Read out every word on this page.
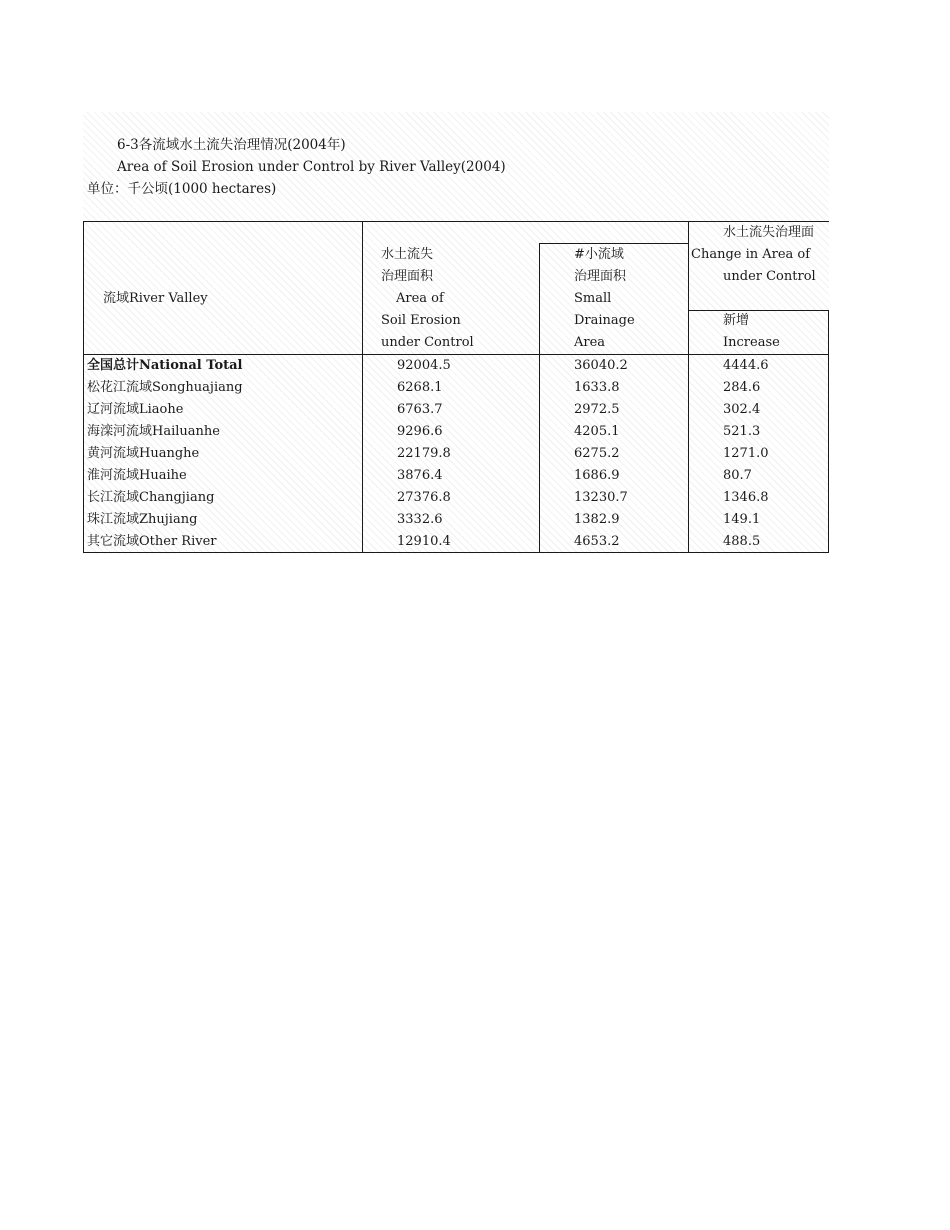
6-3各流域水土流失治理情况(2004年)
Area of Soil Erosion under Control by River Valley(2004)
单位：千公顷(1000 hectares)
流域River Valley
水土流失
治理面积
Area of
Soil Erosion
under Control
#小流域
治理面积
Small
Drainage
Area
水土流失治理面
Change in Area of
under Control
新增
Increase
全国总计National Total	92004.5	36040.2	4444.6
松花江流域Songhuajiang	6268.1	1633.8	284.6
辽河流域Liaohe	6763.7	2972.5	302.4
海滦河流域Hailuanhe	9296.6	4205.1	521.3
黄河流域Huanghe	22179.8	6275.2	1271.0
淮河流域Huaihe	3876.4	1686.9	80.7
长江流域Changjiang	27376.8	13230.7	1346.8
珠江流域Zhujiang	3332.6	1382.9	149.1
其它流域Other River	12910.4	4653.2	488.5
